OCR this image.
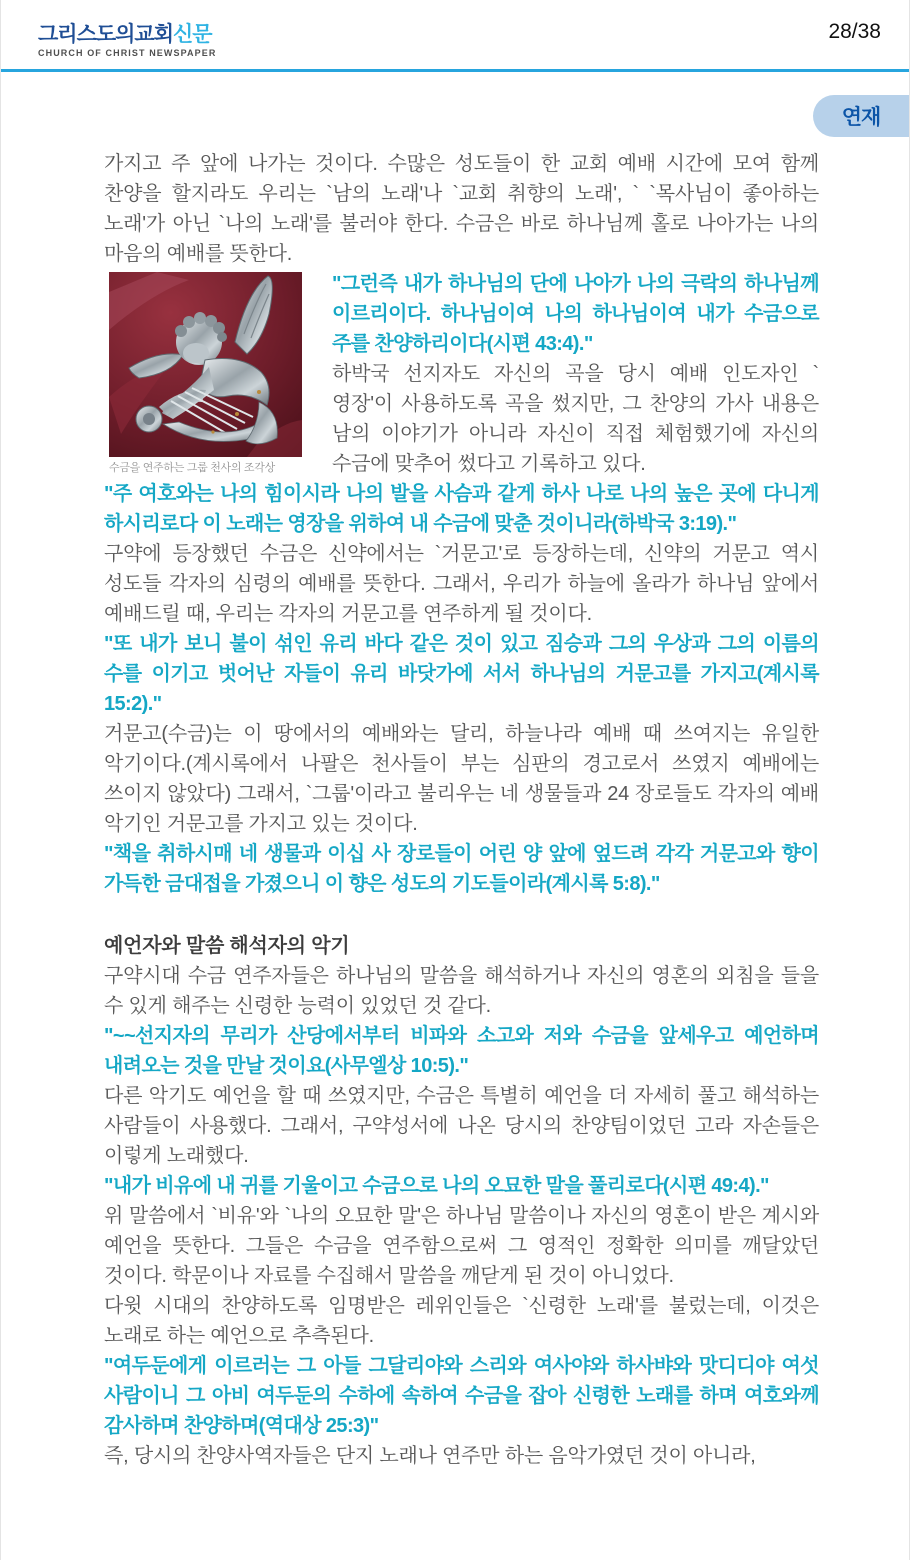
그리스도의교회신문
CHURCH OF CHRIST NEWSPAPER
28/38
연재

가지고 주 앞에 나가는 것이다. 수많은 성도들이 한 교회 예배 시간에 모여 함께 찬양을 할지라도 우리는 `남의 노래'나 `교회 취향의 노래', ` `목사님이 좋아하는 노래'가 아닌 `나의 노래'를 불러야 한다. 수금은 바로 하나님께 홀로 나아가는 나의 마음의 예배를 뜻한다.

수금을 연주하는 그룹 천사의 조각상

"그런즉 내가 하나님의 단에 나아가 나의 극락의 하나님께 이르리이다. 하나님이여 나의 하나님이여 내가 수금으로 주를 찬양하리이다(시편 43:4)."

하박국 선지자도 자신의 곡을 당시 예배 인도자인 `영장'이 사용하도록 곡을 썼지만, 그 찬양의 가사 내용은 남의 이야기가 아니라 자신이 직접 체험했기에 자신의 수금에 맞추어 썼다고 기록하고 있다.

"주 여호와는 나의 힘이시라 나의 발을 사슴과 같게 하사 나로 나의 높은 곳에 다니게 하시리로다 이 노래는 영장을 위하여 내 수금에 맞춘 것이니라(하박국 3:19)."

구약에 등장했던 수금은 신약에서는 `거문고'로 등장하는데, 신약의 거문고 역시 성도들 각자의 심령의 예배를 뜻한다. 그래서, 우리가 하늘에 올라가 하나님 앞에서 예배드릴 때, 우리는 각자의 거문고를 연주하게 될 것이다.

"또 내가 보니 불이 섞인 유리 바다 같은 것이 있고 짐승과 그의 우상과 그의 이름의 수를 이기고 벗어난 자들이 유리 바닷가에 서서 하나님의 거문고를 가지고(계시록 15:2)."

거문고(수금)는 이 땅에서의 예배와는 달리, 하늘나라 예배 때 쓰여지는 유일한 악기이다.(계시록에서 나팔은 천사들이 부는 심판의 경고로서 쓰였지 예배에는 쓰이지 않았다) 그래서, `그룹'이라고 불리우는 네 생물들과 24 장로들도 각자의 예배 악기인 거문고를 가지고 있는 것이다.

"책을 취하시매 네 생물과 이십 사 장로들이 어린 양 앞에 엎드려 각각 거문고와 향이 가득한 금대접을 가졌으니 이 향은 성도의 기도들이라(계시록 5:8)."

예언자와 말씀 해석자의 악기

구약시대 수금 연주자들은 하나님의 말씀을 해석하거나 자신의 영혼의 외침을 들을 수 있게 해주는 신령한 능력이 있었던 것 같다.

"~~선지자의 무리가 산당에서부터 비파와 소고와 저와 수금을 앞세우고 예언하며 내려오는 것을 만날 것이요(사무엘상 10:5)."

다른 악기도 예언을 할 때 쓰였지만, 수금은 특별히 예언을 더 자세히 풀고 해석하는 사람들이 사용했다. 그래서, 구약성서에 나온 당시의 찬양팀이었던 고라 자손들은 이렇게 노래했다.

"내가 비유에 내 귀를 기울이고 수금으로 나의 오묘한 말을 풀리로다(시편 49:4)."

위 말씀에서 `비유'와 `나의 오묘한 말'은 하나님 말씀이나 자신의 영혼이 받은 계시와 예언을 뜻한다. 그들은 수금을 연주함으로써 그 영적인 정확한 의미를 깨달았던 것이다. 학문이나 자료를 수집해서 말씀을 깨닫게 된 것이 아니었다.

다윗 시대의 찬양하도록 임명받은 레위인들은 `신령한 노래'를 불렀는데, 이것은 노래로 하는 예언으로 추측된다.

"여두둔에게 이르러는 그 아들 그달리야와 스리와 여사야와 하사뱌와 맛디디야 여섯 사람이니 그 아비 여두둔의 수하에 속하여 수금을 잡아 신령한 노래를 하며 여호와께 감사하며 찬양하며(역대상 25:3)"

즉, 당시의 찬양사역자들은 단지 노래나 연주만 하는 음악가였던 것이 아니라,
